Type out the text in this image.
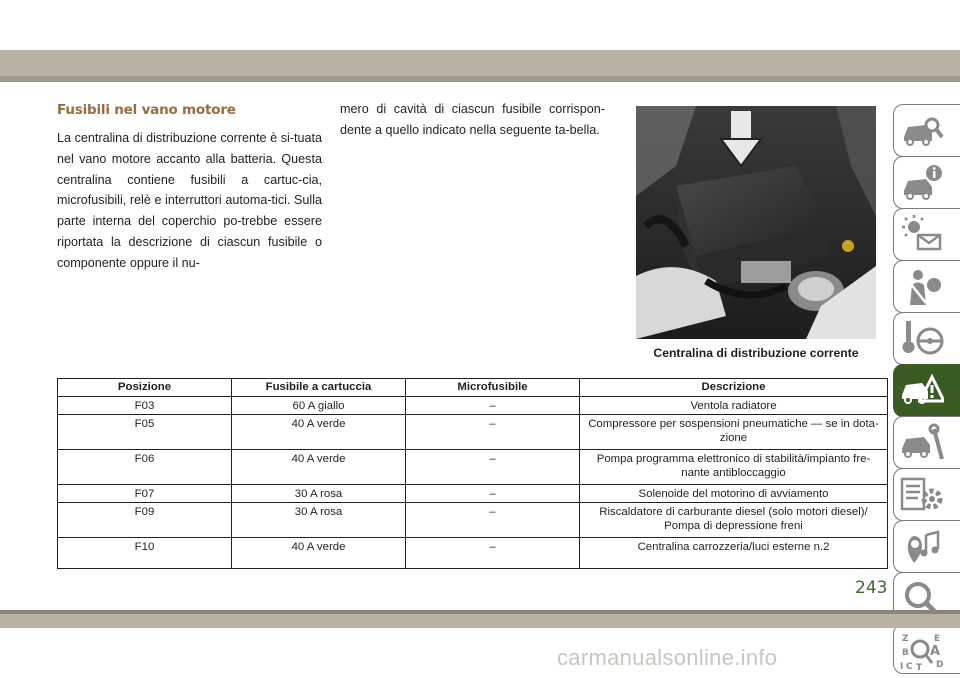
Fusibili nel vano motore
La centralina di distribuzione corrente è si-tuata nel vano motore accanto alla batteria. Questa centralina contiene fusibili a cartuc-cia, microfusibili, relè e interruttori automa-tici. Sulla parte interna del coperchio po-trebbe essere riportata la descrizione di ciascun fusibile o componente oppure il nu-
mero di cavità di ciascun fusibile corrispon-dente a quello indicato nella seguente ta-bella.
Centralina di distribuzione corrente
Posizione	Fusibile a cartuccia	Microfusibile	Descrizione
F03	60 A giallo	–	Ventola radiatore
F05	40 A verde	–	Compressore per sospensioni pneumatiche — se in dota-zione
F06	40 A verde	–	Pompa programma elettronico di stabilità/impianto fre-nante antibloccaggio
F07	30 A rosa	–	Solenoide del motorino di avviamento
F09	30 A rosa	–	Riscaldatore di carburante diesel (solo motori diesel)/ Pompa di depressione freni
F10	40 A verde	–	Centralina carrozzeria/luci esterne n.2
Z	E
B A
C	D
I T
243
carmanualsonline.info
